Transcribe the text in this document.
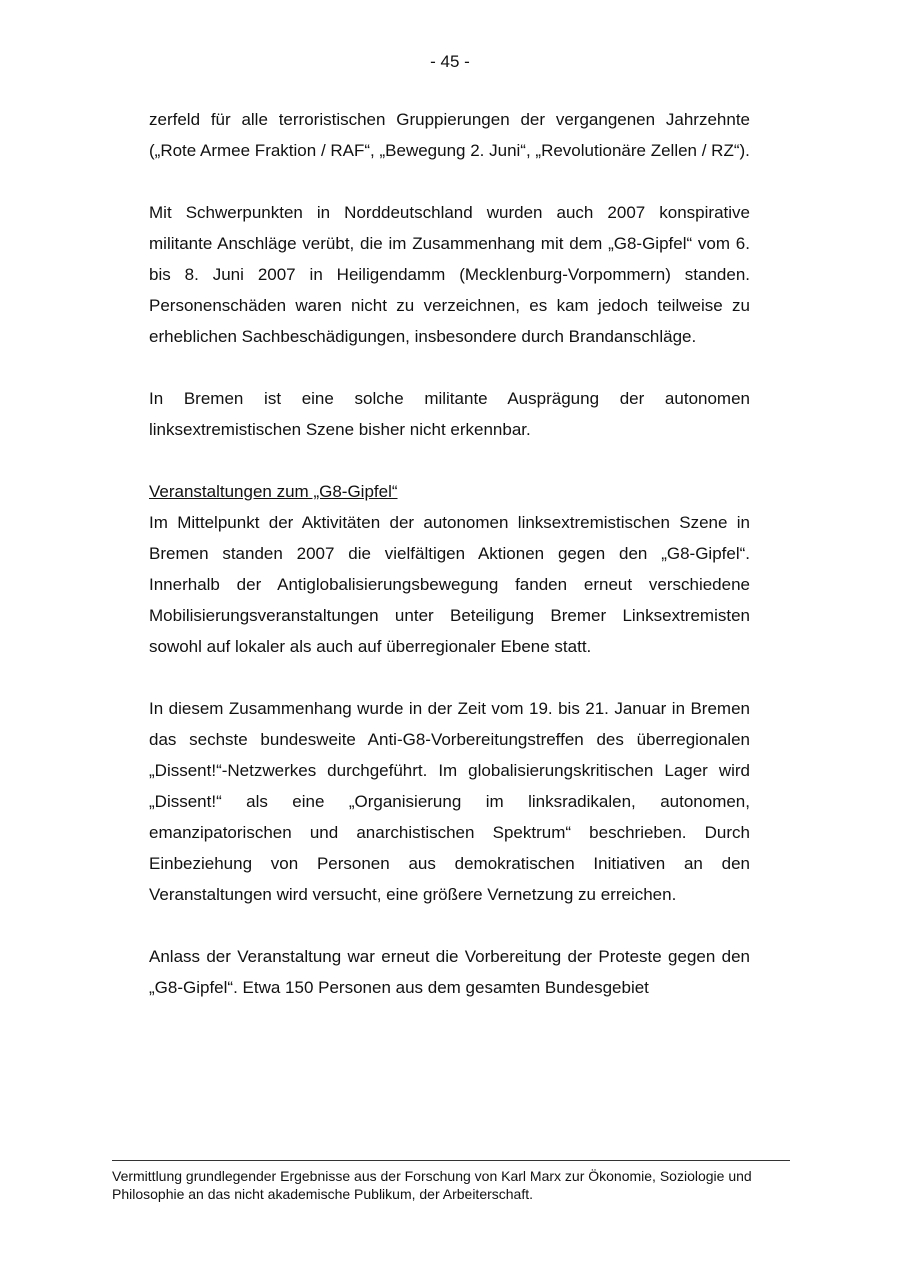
- 45 -

zerfeld für alle terroristischen Gruppierungen der vergangenen Jahrzehnte („Rote Armee Fraktion / RAF“, „Bewegung 2. Juni“, „Revolutionäre Zellen / RZ“).

Mit Schwerpunkten in Norddeutschland wurden auch 2007 konspirative militante Anschläge verübt, die im Zusammenhang mit dem „G8-Gipfel“ vom 6. bis 8. Juni 2007 in Heiligendamm (Mecklenburg-Vorpommern) standen. Personenschäden waren nicht zu verzeichnen, es kam jedoch teilweise zu erheblichen Sachbeschädigungen, insbesondere durch Brandanschläge.

In Bremen ist eine solche militante Ausprägung der autonomen linksextremistischen Szene bisher nicht erkennbar.

Veranstaltungen zum „G8-Gipfel“

Im Mittelpunkt der Aktivitäten der autonomen linksextremistischen Szene in Bremen standen 2007 die vielfältigen Aktionen gegen den „G8-Gipfel“. Innerhalb der Antiglobalisierungsbewegung fanden erneut verschiedene Mobilisierungsveranstaltungen unter Beteiligung Bremer Linksextremisten sowohl auf lokaler als auch auf überregionaler Ebene statt.

In diesem Zusammenhang wurde in der Zeit vom 19. bis 21. Januar in Bremen das sechste bundesweite Anti-G8-Vorbereitungstreffen des überregionalen „Dissent!“-Netzwerkes durchgeführt. Im globalisierungskritischen Lager wird „Dissent!“ als eine „Organisierung im linksradikalen, autonomen, emanzipatorischen und anarchistischen Spektrum“ beschrieben. Durch Einbeziehung von Personen aus demokratischen Initiativen an den Veranstaltungen wird versucht, eine größere Vernetzung zu erreichen.

Anlass der Veranstaltung war erneut die Vorbereitung der Proteste gegen den „G8-Gipfel“. Etwa 150 Personen aus dem gesamten Bundesgebiet

Vermittlung grundlegender Ergebnisse aus der Forschung von Karl Marx zur Ökonomie, Soziologie und Philosophie an das nicht akademische Publikum, der Arbeiterschaft.
